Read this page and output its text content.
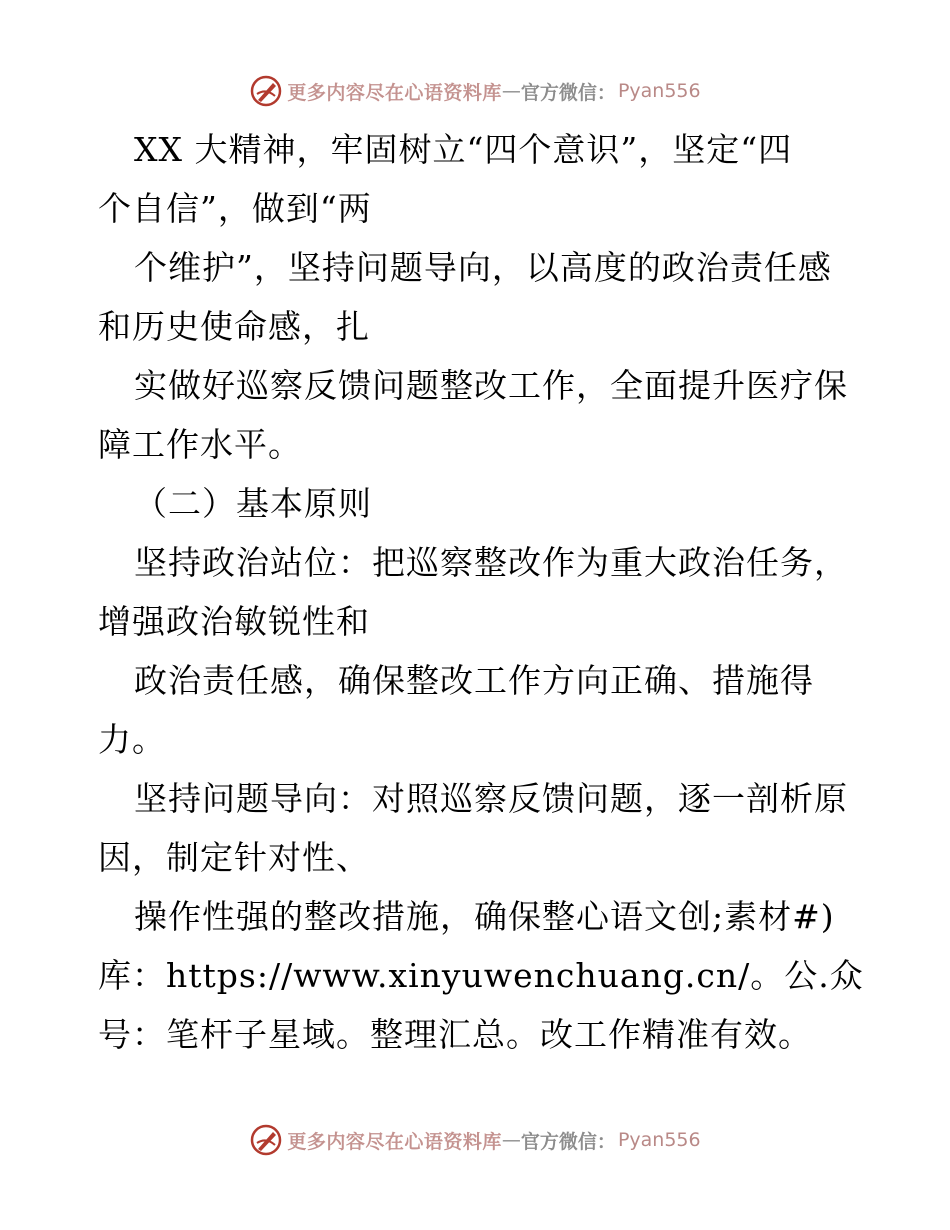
更多内容尽在心语资料库 — 官方微信： Pyan556
XX 大精神，牢固树立“四个意识”，坚定“四
个自信”，做到“两
个维护”，坚持问题导向，以高度的政治责任感
和历史使命感，扎
实做好巡察反馈问题整改工作，全面提升医疗保
障工作水平。
（二）基本原则
坚持政治站位：把巡察整改作为重大政治任务，
增强政治敏锐性和
政治责任感，确保整改工作方向正确、措施得
力。
坚持问题导向：对照巡察反馈问题，逐一剖析原
因，制定针对性、
操作性强的整改措施，确保整心语文创;素材#)
库：https://www.xinyuwenchuang.cn/。公.众
号：笔杆子星域。整理汇总。改工作精准有效。
更多内容尽在心语资料库 — 官方微信： Pyan556
